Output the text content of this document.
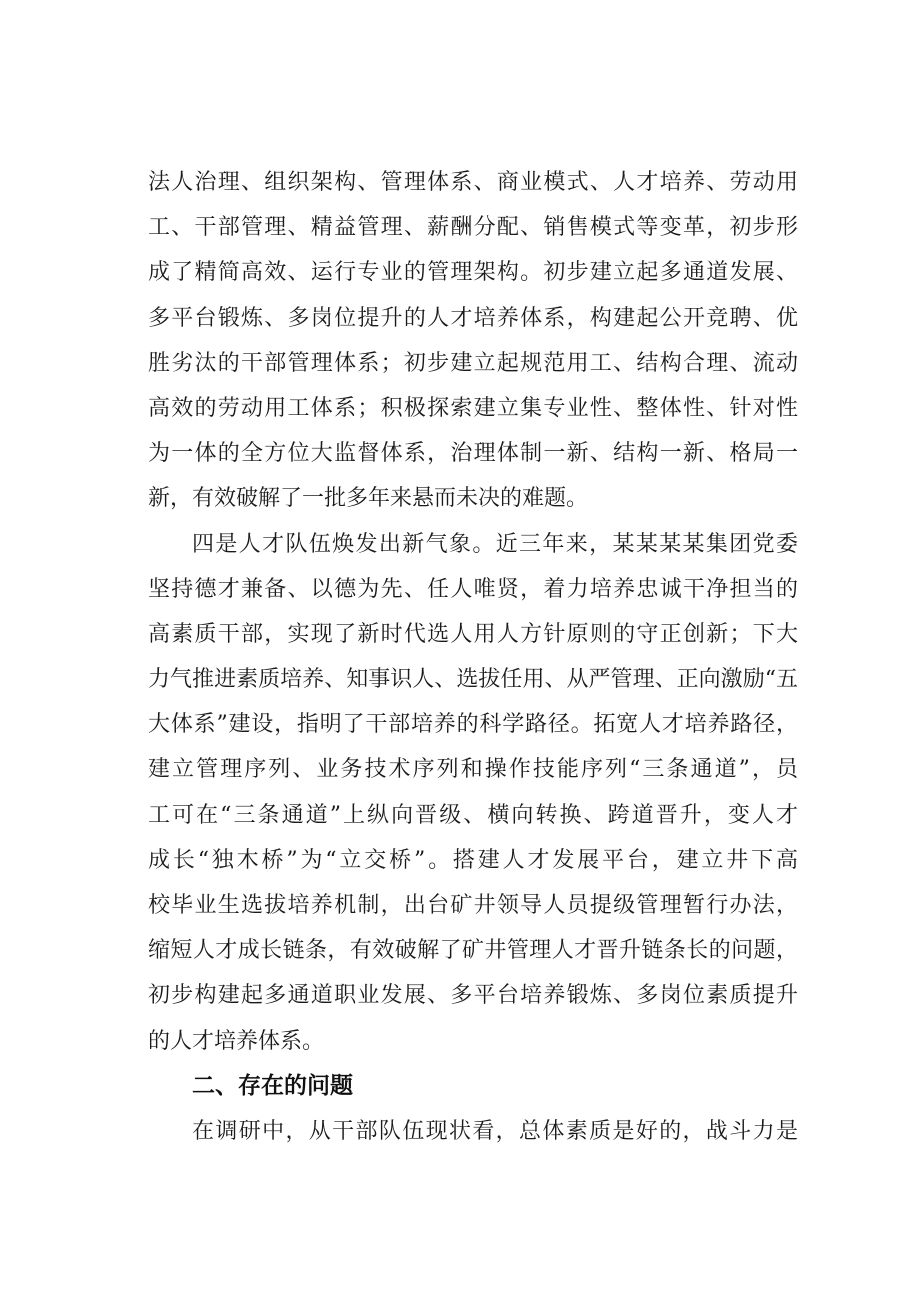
法人治理、组织架构、管理体系、商业模式、人才培养、劳动用
工、干部管理、精益管理、薪酬分配、销售模式等变革，初步形
成了精简高效、运行专业的管理架构。初步建立起多通道发展、
多平台锻炼、多岗位提升的人才培养体系，构建起公开竞聘、优
胜劣汰的干部管理体系；初步建立起规范用工、结构合理、流动
高效的劳动用工体系；积极探索建立集专业性、整体性、针对性
为一体的全方位大监督体系，治理体制一新、结构一新、格局一
新，有效破解了一批多年来悬而未决的难题。
四是人才队伍焕发出新气象。近三年来，某某某某集团党委
坚持德才兼备、以德为先、任人唯贤，着力培养忠诚干净担当的
高素质干部，实现了新时代选人用人方针原则的守正创新；下大
力气推进素质培养、知事识人、选拔任用、从严管理、正向激励“五
大体系”建设，指明了干部培养的科学路径。拓宽人才培养路径，
建立管理序列、业务技术序列和操作技能序列“三条通道”，员
工可在“三条通道”上纵向晋级、横向转换、跨道晋升，变人才
成长“独木桥”为“立交桥”。搭建人才发展平台，建立井下高
校毕业生选拔培养机制，出台矿井领导人员提级管理暂行办法，
缩短人才成长链条，有效破解了矿井管理人才晋升链条长的问题，
初步构建起多通道职业发展、多平台培养锻炼、多岗位素质提升
的人才培养体系。
二、存在的问题
在调研中，从干部队伍现状看，总体素质是好的，战斗力是
